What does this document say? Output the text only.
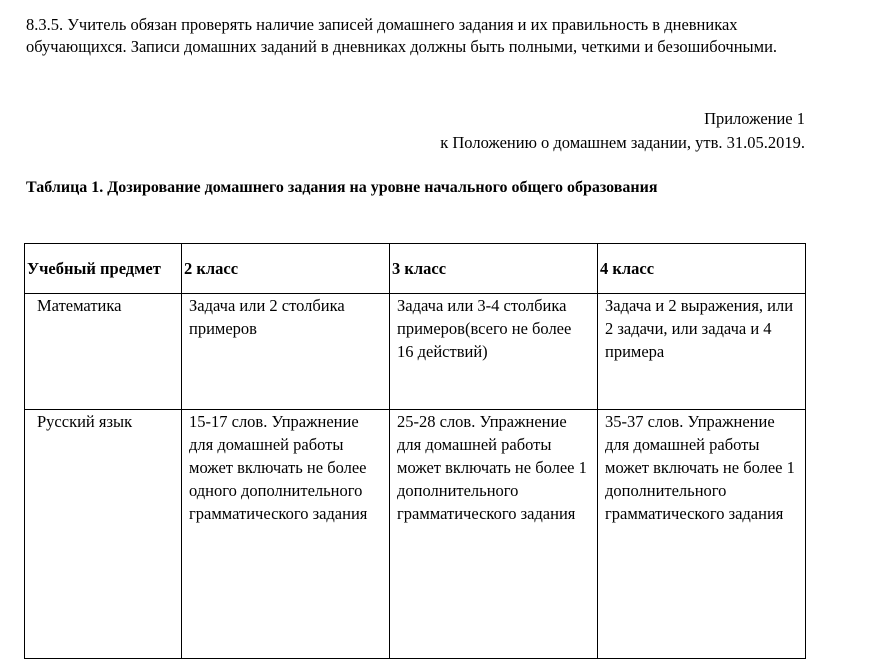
8.3.5. Учитель обязан проверять наличие записей домашнего задания и их правильность в дневниках обучающихся. Записи домашних заданий в дневниках должны быть полными, четкими и безошибочными.

Приложение 1
к Положению о домашнем задании, утв. 31.05.2019.
Таблица 1. Дозирование домашнего задания на уровне начального общего образования
Учебный предмет	2 класс	3 класс	4 класс
Математика	Задача или 2 столбика примеров	Задача или 3-4 столбика примеров(всего не более 16 действий)	Задача и 2 выражения, или 2 задачи, или задача и 4 примера
Русский язык	15-17 слов. Упражнение для домашней работы может включать не более одного дополнительного грамматического задания	25-28 слов. Упражнение для домашней работы может включать не более 1 дополнительного грамматического задания	35-37 слов. Упражнение для домашней работы может включать не более 1 дополнительного грамматического задания
